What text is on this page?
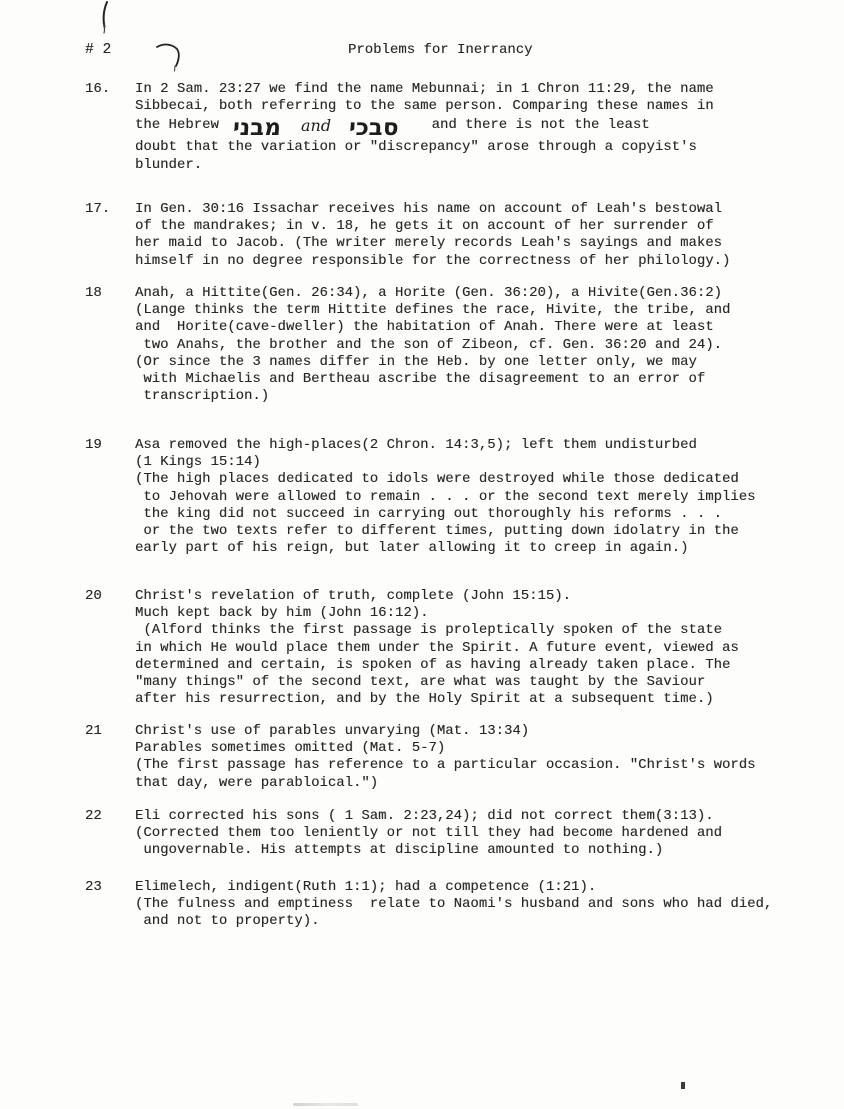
# 2	Problems for Inerrancy
16. In 2 Sam. 23:27 we find the name Mebunnai; in 1 Chron 11:29, the name
Sibbecai, both referring to the same person. Comparing these names in
the Hebrew מבני and סבכי  and there is not the least
doubt that the variation or "discrepancy" arose through a copyist's
blunder.
17. In Gen. 30:16 Issachar receives his name on account of Leah's bestowal
of the mandrakes; in v. 18, he gets it on account of her surrender of
her maid to Jacob. (The writer merely records Leah's sayings and makes
himself in no degree responsible for the correctness of her philology.)
18 Anah, a Hittite(Gen. 26:34), a Horite (Gen. 36:20), a Hivite(Gen.36:2)
(Lange thinks the term Hittite defines the race, Hivite, the tribe, and
and  Horite(cave-dweller) the habitation of Anah. There were at least
two Anahs, the brother and the son of Zibeon, cf. Gen. 36:20 and 24).
(Or since the 3 names differ in the Heb. by one letter only, we may
with Michaelis and Bertheau ascribe the disagreement to an error of
transcription.)
19 Asa removed the high-places(2 Chron. 14:3,5); left them undisturbed
(1 Kings 15:14)
(The high places dedicated to idols were destroyed while those dedicated
to Jehovah were allowed to remain . . . or the second text merely implies
the king did not succeed in carrying out thoroughly his reforms . . .
or the two texts refer to different times, putting down idolatry in the
early part of his reign, but later allowing it to creep in again.)
20 Christ's revelation of truth, complete (John 15:15).
Much kept back by him (John 16:12).
(Alford thinks the first passage is proleptically spoken of the state
in which He would place them under the Spirit. A future event, viewed as
determined and certain, is spoken of as having already taken place. The
"many things" of the second text, are what was taught by the Saviour
after his resurrection, and by the Holy Spirit at a subsequent time.)
21 Christ's use of parables unvarying (Mat. 13:34)
Parables sometimes omitted (Mat. 5-7)
(The first passage has reference to a particular occasion. "Christ's words
that day, were parabloical.")
22 Eli corrected his sons ( 1 Sam. 2:23,24); did not correct them(3:13).
(Corrected them too leniently or not till they had become hardened and
ungovernable. His attempts at discipline amounted to nothing.)
23 Elimelech, indigent(Ruth 1:1); had a competence (1:21).
(The fulness and emptiness  relate to Naomi's husband and sons who had died,
and not to property).
